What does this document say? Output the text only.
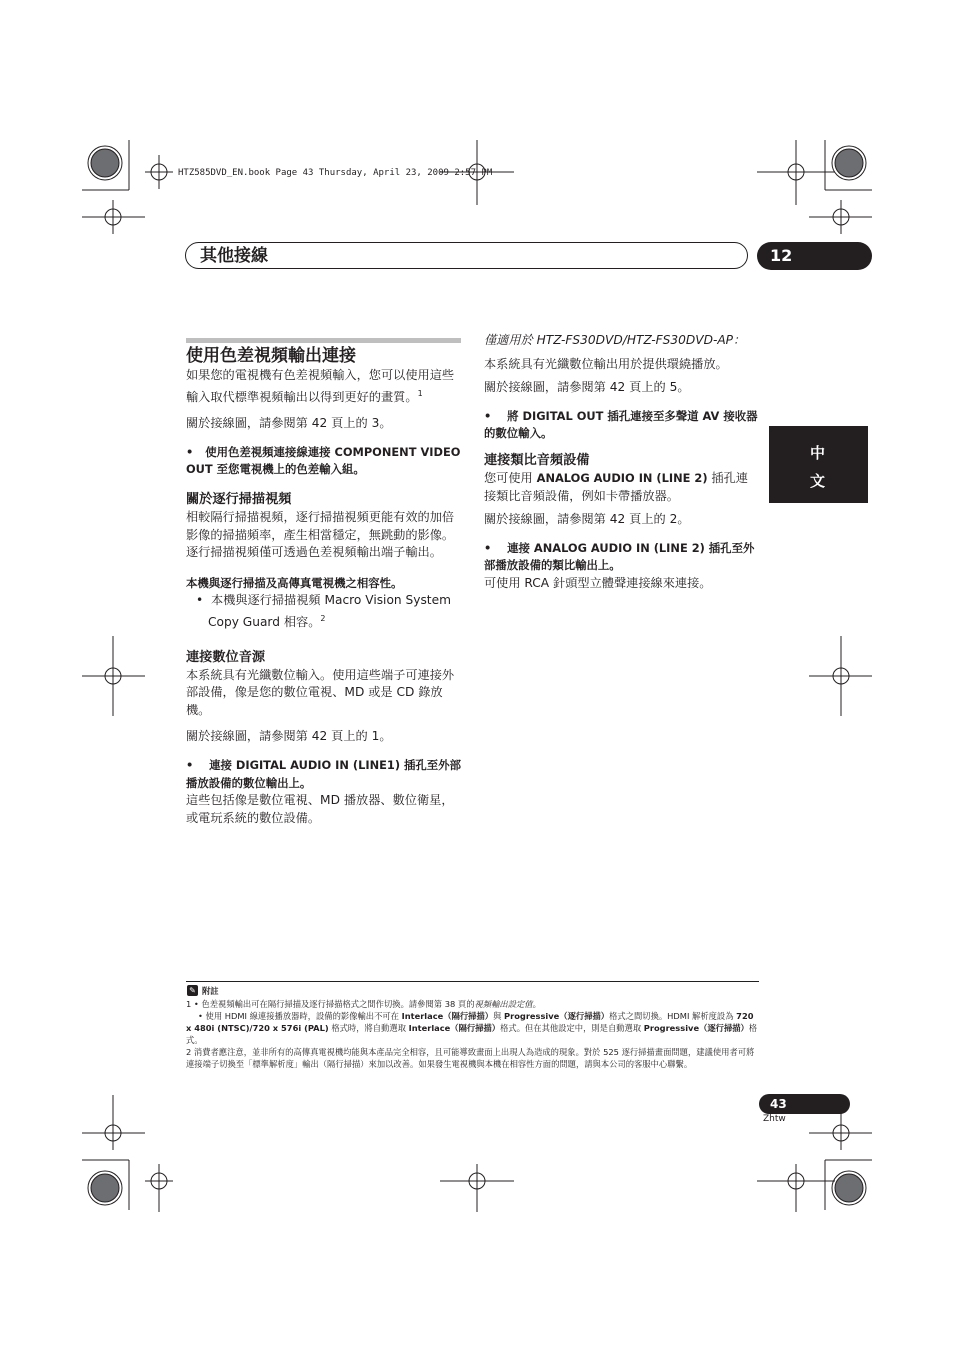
HTZ585DVD_EN.book Page 43 Thursday, April 23, 2009 2:57 PM
其他接線	12
中
文
使用色差視頻輸出連接

如果您的電視機有色差視頻輸入，您可以使用這些輸入取代標準視頻輸出以得到更好的畫質。$^1$

關於接線圖，請參閱第 42 頁上的 3。

•   使用色差視頻連接線連接 COMPONENT VIDEO OUT 至您電視機上的色差輸入組。

關於逐行掃描視頻

相較隔行掃描視頻，逐行掃描視頻更能有效的加倍影像的掃描頻率，產生相當穩定，無跳動的影像。逐行掃描視頻僅可透過色差視頻輸出端子輸出。

本機與逐行掃描及高傳真電視機之相容性。

•  本機與逐行掃描視頻 Macro Vision System Copy Guard 相容。$^2$

連接數位音源

本系統具有光纖數位輸入。使用這些端子可連接外部設備，像是您的數位電視、MD 或是 CD 錄放機。

關於接線圖，請參閱第 42 頁上的 1。

•    連接 DIGITAL AUDIO IN (LINE1) 插孔至外部播放設備的數位輸出上。

這些包括像是數位電視、MD 播放器、數位衛星，或電玩系統的數位設備。

僅適用於 HTZ-FS30DVD/HTZ-FS30DVD-AP：

本系統具有光纖數位輸出用於提供環繞播放。

關於接線圖，請參閱第 42 頁上的 5。

•    將 DIGITAL OUT 插孔連接至多聲道 AV 接收器的數位輸入。

連接類比音頻設備

您可使用 ANALOG AUDIO IN (LINE 2) 插孔連接類比音頻設備，例如卡帶播放器。

關於接線圖，請參閱第 42 頁上的 2。

•    連接 ANALOG AUDIO IN (LINE 2) 插孔至外部播放設備的類比輸出上。

可使用 RCA 針頭型立體聲連接線來連接。

✎ 附註
1 • 色差視頻輸出可在隔行掃描及逐行掃描格式之間作切換。請參閱第 38 頁的視頻輸出設定值。
• 使用 HDMI 線連接播放器時，設備的影像輸出不可在 Interlace（隔行掃描）與 Progressive（逐行掃描）格式之間切換。HDMI 解析度設為 720 x 480i (NTSC)/720 x 576i (PAL) 格式時，將自動選取 Interlace（隔行掃描）格式。但在其他設定中，則是自動選取 Progressive（逐行掃描）格式。
2 消費者應注意，並非所有的高傳真電視機均能與本產品完全相容，且可能導致畫面上出現人為造成的現象。對於 525 逐行掃描畫面問題，建議使用者可將連接端子切換至「標準解析度」輸出（隔行掃描）來加以改善。如果發生電視機與本機在相容性方面的問題，請與本公司的客服中心聯繫。
43
Zhtw
